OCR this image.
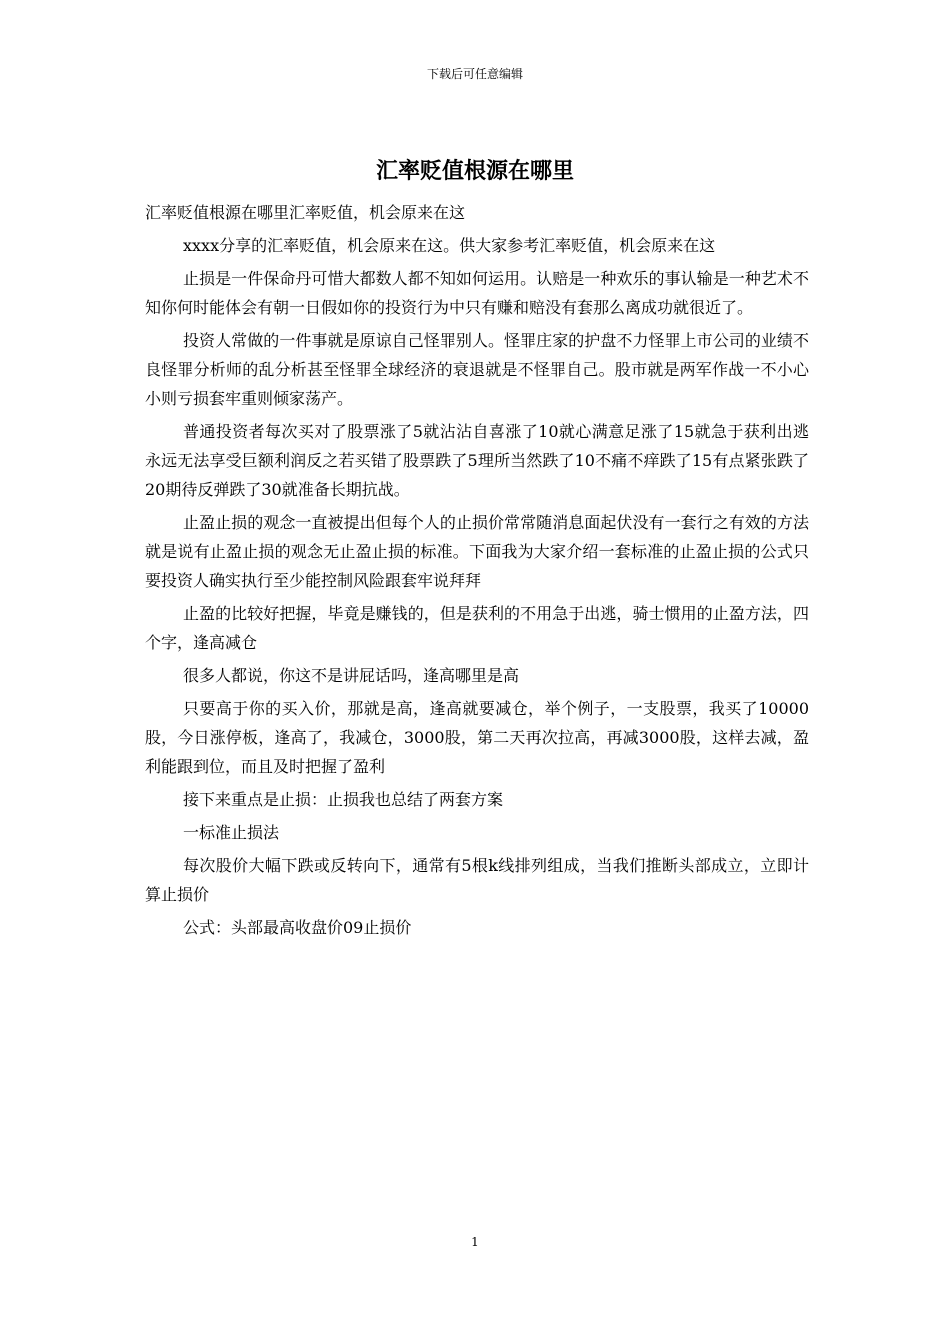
下载后可任意编辑
汇率贬值根源在哪里

汇率贬值根源在哪里汇率贬值，机会原来在这

xxxx分享的汇率贬值，机会原来在这。供大家参考汇率贬值，机会原来在这

止损是一件保命丹可惜大都数人都不知如何运用。认赔是一种欢乐的事认输是一种艺术不知你何时能体会有朝一日假如你的投资行为中只有赚和赔没有套那么离成功就很近了。

投资人常做的一件事就是原谅自己怪罪别人。怪罪庄家的护盘不力怪罪上市公司的业绩不良怪罪分析师的乱分析甚至怪罪全球经济的衰退就是不怪罪自己。股市就是两军作战一不小心小则亏损套牢重则倾家荡产。

普通投资者每次买对了股票涨了5就沾沾自喜涨了10就心满意足涨了15就急于获利出逃永远无法享受巨额利润反之若买错了股票跌了5理所当然跌了10不痛不痒跌了15有点紧张跌了20期待反弹跌了30就准备长期抗战。

止盈止损的观念一直被提出但每个人的止损价常常随消息面起伏没有一套行之有效的方法就是说有止盈止损的观念无止盈止损的标准。下面我为大家介绍一套标准的止盈止损的公式只要投资人确实执行至少能控制风险跟套牢说拜拜

止盈的比较好把握，毕竟是赚钱的，但是获利的不用急于出逃，骑士惯用的止盈方法，四个字，逢高减仓

很多人都说，你这不是讲屁话吗，逢高哪里是高

只要高于你的买入价，那就是高，逢高就要减仓，举个例子，一支股票，我买了10000股，今日涨停板，逢高了，我减仓，3000股，第二天再次拉高，再减3000股，这样去减，盈利能跟到位，而且及时把握了盈利

接下来重点是止损：止损我也总结了两套方案

一标准止损法

每次股价大幅下跌或反转向下，通常有5根k线排列组成，当我们推断头部成立，立即计算止损价

公式：头部最高收盘价09止损价

1
